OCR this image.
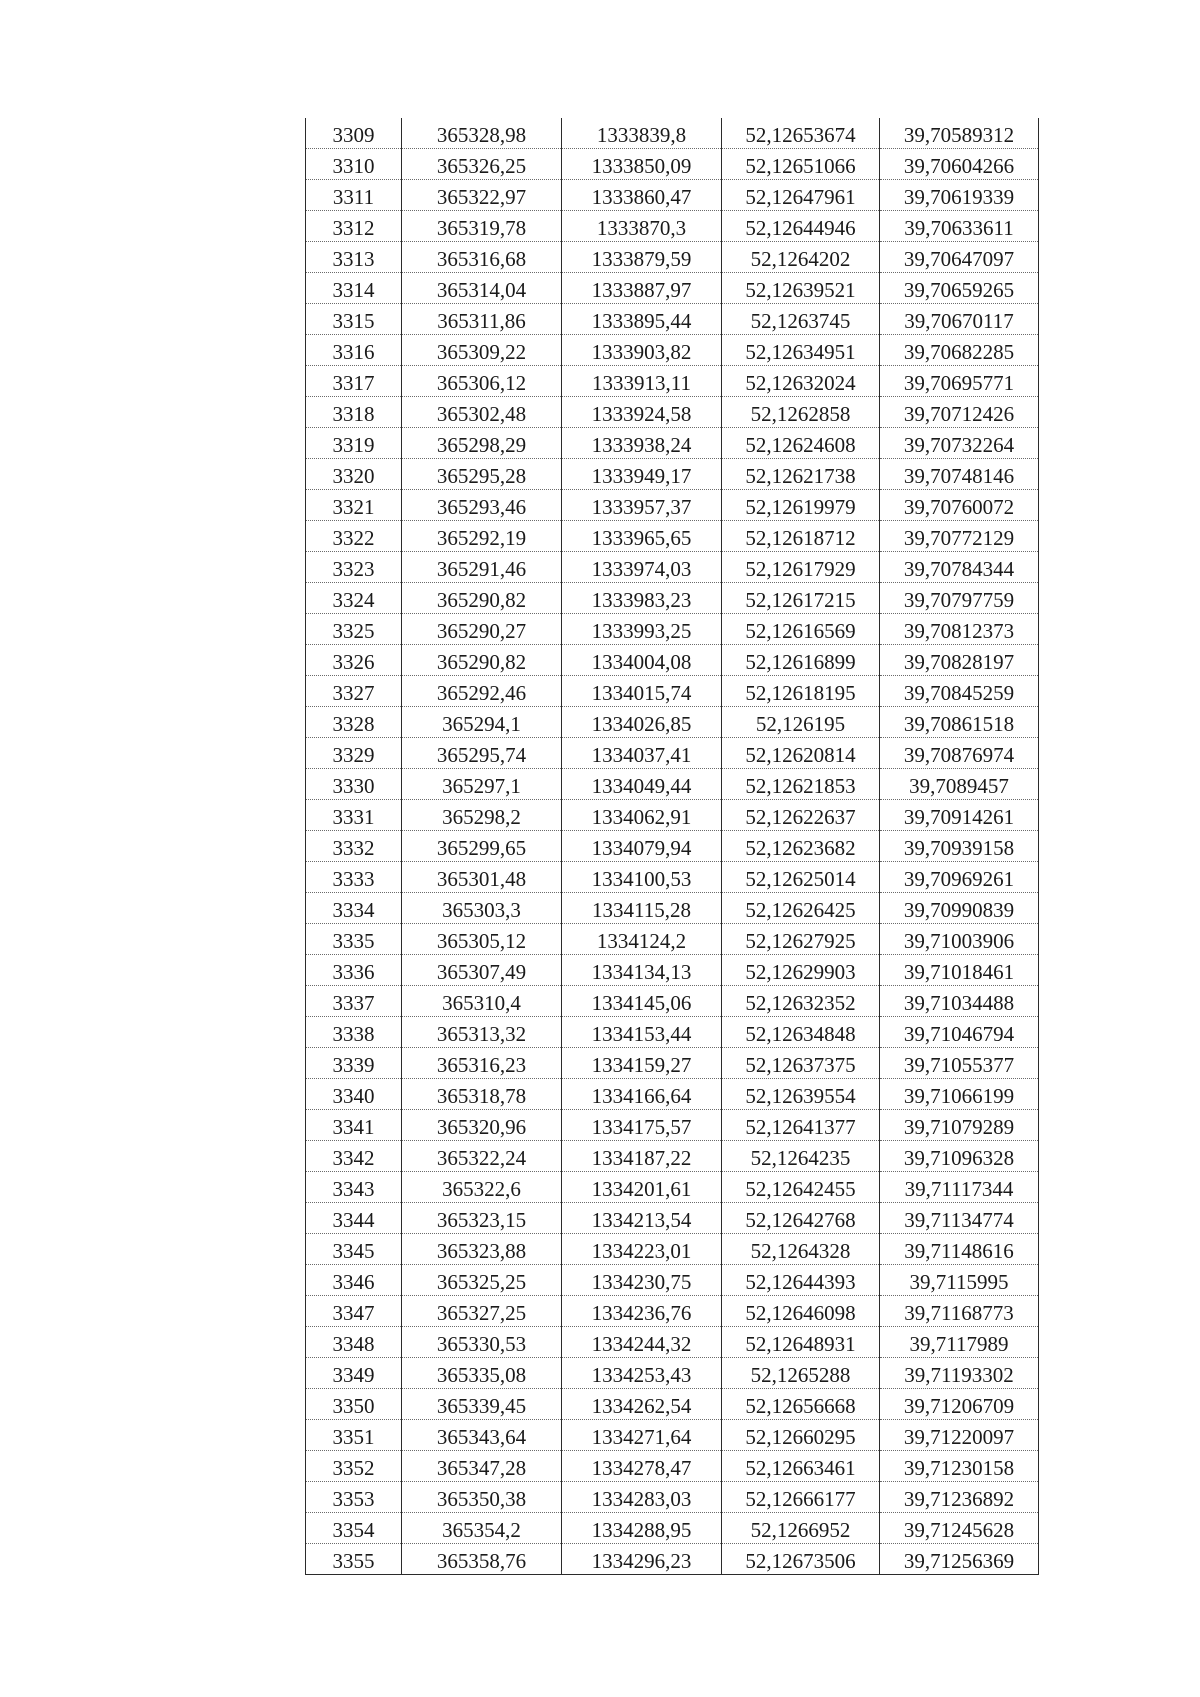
3309	365328,98	1333839,8	52,12653674	39,70589312
3310	365326,25	1333850,09	52,12651066	39,70604266
3311	365322,97	1333860,47	52,12647961	39,70619339
3312	365319,78	1333870,3	52,12644946	39,70633611
3313	365316,68	1333879,59	52,1264202	39,70647097
3314	365314,04	1333887,97	52,12639521	39,70659265
3315	365311,86	1333895,44	52,1263745	39,70670117
3316	365309,22	1333903,82	52,12634951	39,70682285
3317	365306,12	1333913,11	52,12632024	39,70695771
3318	365302,48	1333924,58	52,1262858	39,70712426
3319	365298,29	1333938,24	52,12624608	39,70732264
3320	365295,28	1333949,17	52,12621738	39,70748146
3321	365293,46	1333957,37	52,12619979	39,70760072
3322	365292,19	1333965,65	52,12618712	39,70772129
3323	365291,46	1333974,03	52,12617929	39,70784344
3324	365290,82	1333983,23	52,12617215	39,70797759
3325	365290,27	1333993,25	52,12616569	39,70812373
3326	365290,82	1334004,08	52,12616899	39,70828197
3327	365292,46	1334015,74	52,12618195	39,70845259
3328	365294,1	1334026,85	52,126195	39,70861518
3329	365295,74	1334037,41	52,12620814	39,70876974
3330	365297,1	1334049,44	52,12621853	39,7089457
3331	365298,2	1334062,91	52,12622637	39,70914261
3332	365299,65	1334079,94	52,12623682	39,70939158
3333	365301,48	1334100,53	52,12625014	39,70969261
3334	365303,3	1334115,28	52,12626425	39,70990839
3335	365305,12	1334124,2	52,12627925	39,71003906
3336	365307,49	1334134,13	52,12629903	39,71018461
3337	365310,4	1334145,06	52,12632352	39,71034488
3338	365313,32	1334153,44	52,12634848	39,71046794
3339	365316,23	1334159,27	52,12637375	39,71055377
3340	365318,78	1334166,64	52,12639554	39,71066199
3341	365320,96	1334175,57	52,12641377	39,71079289
3342	365322,24	1334187,22	52,1264235	39,71096328
3343	365322,6	1334201,61	52,12642455	39,71117344
3344	365323,15	1334213,54	52,12642768	39,71134774
3345	365323,88	1334223,01	52,1264328	39,71148616
3346	365325,25	1334230,75	52,12644393	39,7115995
3347	365327,25	1334236,76	52,12646098	39,71168773
3348	365330,53	1334244,32	52,12648931	39,7117989
3349	365335,08	1334253,43	52,1265288	39,71193302
3350	365339,45	1334262,54	52,12656668	39,71206709
3351	365343,64	1334271,64	52,12660295	39,71220097
3352	365347,28	1334278,47	52,12663461	39,71230158
3353	365350,38	1334283,03	52,12666177	39,71236892
3354	365354,2	1334288,95	52,1266952	39,71245628
3355	365358,76	1334296,23	52,12673506	39,71256369
